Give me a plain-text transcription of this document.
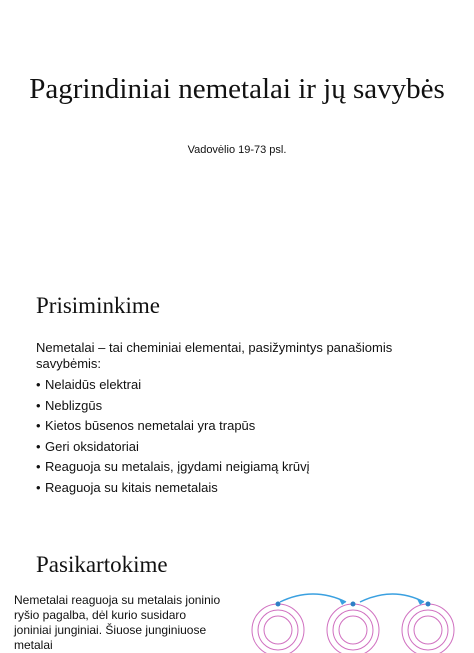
Pagrindiniai nemetalai ir jų savybės
Vadovėlio 19-73 psl.
Prisiminkime
Nemetalai – tai cheminiai elementai, pasižymintys panašiomis savybėmis:
• Nelaidūs elektrai
• Neblizgūs
• Kietos būsenos nemetalai yra trapūs
• Geri oksidatoriai
• Reaguoja su metalais, įgydami neigiamą krūvį
• Reaguoja su kitais nemetalais
Pasikartokime
Nemetalai reaguoja su metalais joninio ryšio pagalba, dėl kurio susidaro joniniai junginiai. Šiuose junginiuose metalai
